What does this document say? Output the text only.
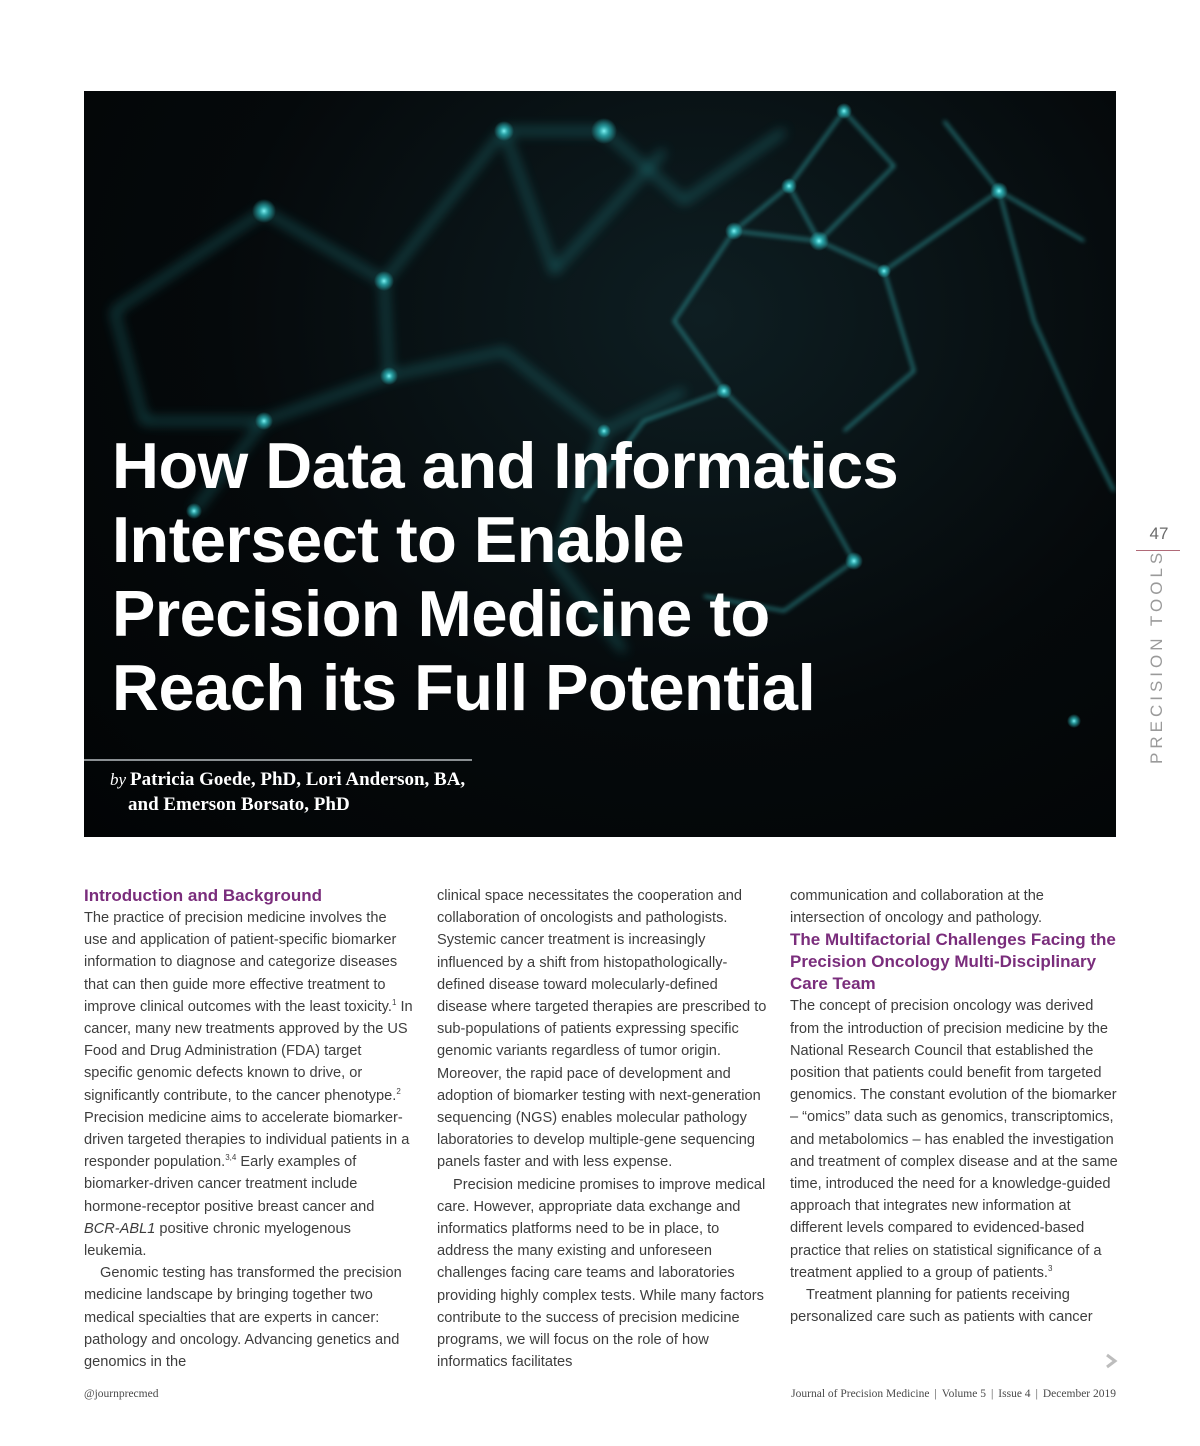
How Data and Informatics
Intersect to Enable
Precision Medicine to
Reach its Full Potential
by Patricia Goede, PhD, Lori Anderson, BA,
and Emerson Borsato, PhD
47
PRECISION TOOLS
Introduction and Background

The practice of precision medicine involves the use and application of patient-specific biomarker information to diagnose and categorize diseases that can then guide more effective treatment to improve clinical outcomes with the least toxicity.$^1$ In cancer, many new treatments approved by the US Food and Drug Administration (FDA) target specific genomic defects known to drive, or significantly contribute, to the cancer phenotype.$^2$ Precision medicine aims to accelerate biomarker-driven targeted therapies to individual patients in a responder population.$^{3,4}$ Early examples of biomarker-driven cancer treatment include hormone-receptor positive breast cancer and BCR-ABL1 positive chronic myelogenous leukemia.

Genomic testing has transformed the precision medicine landscape by bringing together two medical specialties that are experts in cancer: pathology and oncology. Advancing genetics and genomics in the

clinical space necessitates the cooperation and collaboration of oncologists and pathologists. Systemic cancer treatment is increasingly influenced by a shift from histopathologically-defined disease toward molecularly-defined disease where targeted therapies are prescribed to sub-populations of patients expressing specific genomic variants regardless of tumor origin. Moreover, the rapid pace of development and adoption of biomarker testing with next-generation sequencing (NGS) enables molecular pathology laboratories to develop multiple-gene sequencing panels faster and with less expense.

Precision medicine promises to improve medical care. However, appropriate data exchange and informatics platforms need to be in place, to address the many existing and unforeseen challenges facing care teams and laboratories providing highly complex tests. While many factors contribute to the success of precision medicine programs, we will focus on the role of how informatics facilitates

communication and collaboration at the intersection of oncology and pathology.

The Multifactorial Challenges Facing the Precision Oncology Multi-Disciplinary Care Team

The concept of precision oncology was derived from the introduction of precision medicine by the National Research Council that established the position that patients could benefit from targeted genomics. The constant evolution of the biomarker – “omics” data such as genomics, transcriptomics, and metabolomics – has enabled the investigation and treatment of complex disease and at the same time, introduced the need for a knowledge-guided approach that integrates new information at different levels compared to evidenced-based practice that relies on statistical significance of a treatment applied to a group of patients.$^3$

Treatment planning for patients receiving personalized care such as patients with cancer

@journprecmed	Journal of Precision Medicine | Volume 5 | Issue 4 | December 2019
